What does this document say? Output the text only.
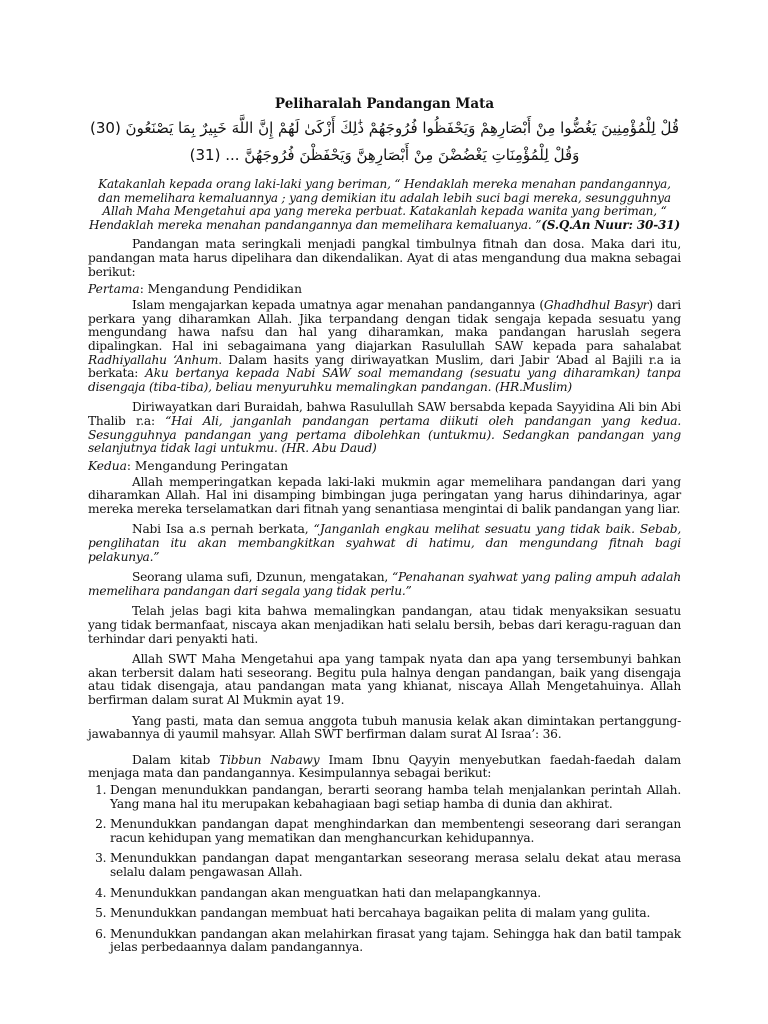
Peliharalah Pandangan Mata
قُلْ لِلْمُؤْمِنِينَ يَغُضُّوا مِنْ أَبْصَارِهِمْ وَيَحْفَظُوا فُرُوجَهُمْ ذَٰلِكَ أَزْكَىٰ لَهُمْ إِنَّ اللَّهَ خَبِيرٌ بِمَا يَصْنَعُونَ (30) وَقُلْ لِلْمُؤْمِنَاتِ يَغْضُضْنَ مِنْ أَبْصَارِهِنَّ وَيَحْفَظْنَ فُرُوجَهُنَّ ... (31)
Katakanlah kepada orang laki-laki yang beriman, “ Hendaklah mereka menahan pandangannya, dan memelihara kemaluannya ; yang demikian itu adalah lebih suci bagi mereka, sesungguhnya Allah Maha Mengetahui apa yang mereka perbuat. Katakanlah kepada wanita yang beriman, “ Hendaklah mereka menahan pandangannya dan memelihara kemaluanya. ”(S.Q.An Nuur: 30-31)

Pandangan mata seringkali menjadi pangkal timbulnya fitnah dan dosa. Maka dari itu, pandangan mata harus dipelihara dan dikendalikan. Ayat di atas mengandung dua makna sebagai berikut:

Pertama: Mengandung Pendidikan

Islam mengajarkan kepada umatnya agar menahan pandangannya (Ghadhdhul Basyr) dari perkara yang diharamkan Allah. Jika terpandang dengan tidak sengaja kepada sesuatu yang mengundang hawa nafsu dan hal yang diharamkan, maka pandangan haruslah segera dipalingkan. Hal ini sebagaimana yang diajarkan Rasulullah SAW kepada para sahalabat Radhiyallahu ‘Anhum. Dalam hasits yang diriwayatkan Muslim, dari Jabir ‘Abad al Bajili r.a ia berkata: Aku bertanya kepada Nabi SAW soal memandang (sesuatu yang diharamkan) tanpa disengaja (tiba-tiba), beliau menyuruhku memalingkan pandangan. (HR.Muslim)

Diriwayatkan dari Buraidah, bahwa Rasulullah SAW bersabda kepada Sayyidina Ali bin Abi Thalib r.a: “Hai Ali, janganlah pandangan pertama diikuti oleh pandangan yang kedua. Sesungguhnya pandangan yang pertama dibolehkan (untukmu). Sedangkan pandangan yang selanjutnya tidak lagi untukmu. (HR. Abu Daud)

Kedua: Mengandung Peringatan

Allah memperingatkan kepada laki-laki mukmin agar memelihara pandangan dari yang diharamkan Allah. Hal ini disamping bimbingan juga peringatan yang harus dihindarinya, agar mereka mereka terselamatkan dari fitnah yang senantiasa mengintai di balik pandangan yang liar.

Nabi Isa a.s pernah berkata, “Janganlah engkau melihat sesuatu yang tidak baik. Sebab, penglihatan itu akan membangkitkan syahwat di hatimu, dan mengundang fitnah bagi pelakunya.”

Seorang ulama sufi, Dzunun, mengatakan, “Penahanan syahwat yang paling ampuh adalah memelihara pandangan dari segala yang tidak perlu.”

Telah jelas bagi kita bahwa memalingkan pandangan, atau tidak menyaksikan sesuatu yang tidak bermanfaat, niscaya akan menjadikan hati selalu bersih, bebas dari keragu-raguan dan terhindar dari penyakti hati.

Allah SWT Maha Mengetahui apa yang tampak nyata dan apa yang tersembunyi bahkan akan terbersit dalam hati seseorang. Begitu pula halnya dengan pandangan, baik yang disengaja atau tidak disengaja, atau pandangan mata yang khianat, niscaya Allah Mengetahuinya. Allah berfirman dalam surat Al Mukmin ayat 19.

Yang pasti, mata dan semua anggota tubuh manusia kelak akan dimintakan pertanggung-jawabannya di yaumil mahsyar. Allah SWT berfirman dalam surat Al Israa’: 36.

Dalam kitab Tibbun Nabawy Imam Ibnu Qayyin menyebutkan faedah-faedah dalam menjaga mata dan pandangannya. Kesimpulannya sebagai berikut:

1. Dengan menundukkan pandangan, berarti seorang hamba telah menjalankan perintah Allah. Yang mana hal itu merupakan kebahagiaan bagi setiap hamba di dunia dan akhirat.
2. Menundukkan pandangan dapat menghindarkan dan membentengi seseorang dari serangan racun kehidupan yang mematikan dan menghancurkan kehidupannya.
3. Menundukkan pandangan dapat mengantarkan seseorang merasa selalu dekat atau merasa selalu dalam pengawasan Allah.
4. Menundukkan pandangan akan menguatkan hati dan melapangkannya.
5. Menundukkan pandangan membuat hati bercahaya bagaikan pelita di malam yang gulita.
6. Menundukkan pandangan akan melahirkan firasat yang tajam. Sehingga hak dan batil tampak jelas perbedaannya dalam pandangannya.
